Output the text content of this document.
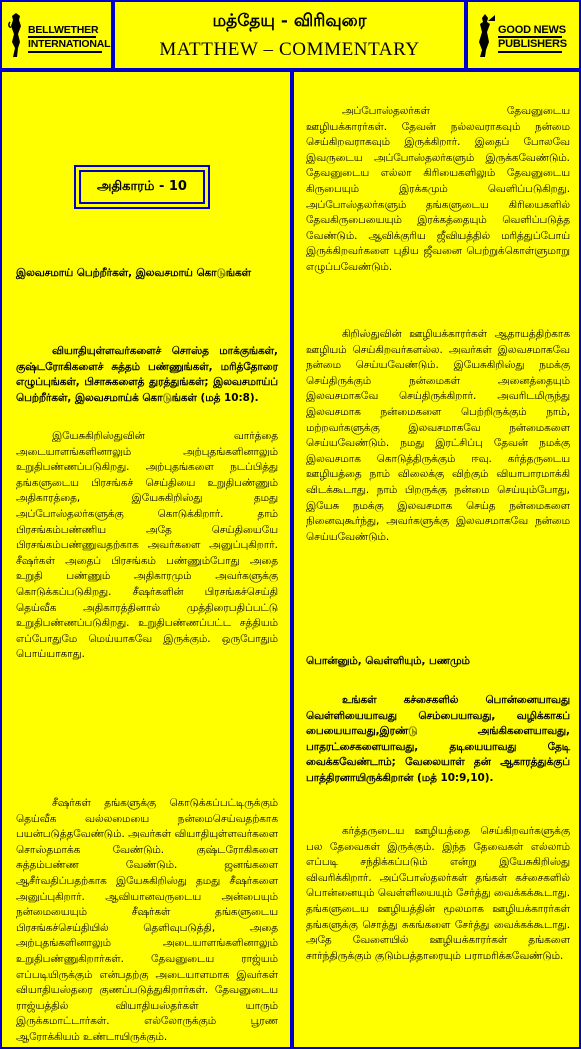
BELLWETHER
INTERNATIONAL
மத்தேயு - விரிவுரை
MATTHEW – COMMENTARY
GOOD NEWS
PUBLISHERS
அதிகாரம் - 10
இலவசமாய் பெற்றீர்கள், இலவசமாய் கொடுங்கள்
வியாதியுள்ளவர்களைச் சொஸ்த மாக்குங்கள், குஷ்டரோகிகளைச் சுத்தம் பண்ணுங்கள், மரித்தோரை எழுப்புங்கள், பிசாசுகளைத் துரத்துங்கள்; இலவசமாய்ப் பெற்றீர்கள், இலவசமாய்க் கொடுங்கள் (மத் 10:8).
இயேசுகிறிஸ்துவின் வார்த்தை அடையாளங்களினாலும் அற்புதங்களினாலும் உறுதிபண்ணப்படுகிறது. அற்புதங்களை நடப்பித்து தங்களுடைய பிரசங்கச் செய்தியை உறுதிபண்ணும் அதிகாரத்தை, இயேசுகிறிஸ்து தமது அப்போஸ்தலர்களுக்கு கொடுக்கிறார். தாம் பிரசங்கம்பண்ணிய அதே செய்தியையே பிரசங்கம்பண்ணுவதற்காக அவர்களை அனுப்புகிறார். சீஷர்கள் அதைப் பிரசங்கம் பண்ணும்போது அதை உறுதி பண்ணும் அதிகாரமும் அவர்களுக்கு கொடுக்கப்படுகிறது. சீஷர்களின் பிரசங்கச்செய்தி தெய்வீக அதிகாரத்தினால் முத்திரைபதிப்பட்டு உறுதிபண்ணப்படுகிறது. உறுதிபண்ணப்பட்ட சத்தியம் எப்போதுமே மெய்யாகவே இருக்கும். ஒருபோதும் பொய்யாகாது.
சீஷர்கள் தங்களுக்கு கொடுக்கப்பட்டிருக்கும் தெய்வீக வல்லமையை நன்மைசெய்வதற்காக பயன்படுத்தவேண்டும். அவர்கள் வியாதியுள்ளவர்களை சொஸ்தமாக்க வேண்டும். குஷ்டரோகிகளை சுத்தம்பண்ண வேண்டும். ஜனங்களை ஆசீர்வதிப்பதற்காக இயேசுகிறிஸ்து தமது சீஷர்களை அனுப்புகிறார். ஆவியானவருடைய அன்பையும் நன்மையையும் சீஷர்கள் தங்களுடைய பிரசங்கச்செய்தியில் தெளிவுபடுத்தி, அதை அற்புதங்களினாலும் அடையாளங்களினாலும் உறுதிபண்ணுகிறார்கள். தேவனுடைய ராஜ்யம் எப்படியிருக்கும் என்பதற்கு அடையாளமாக இவர்கள் வியாதியஸ்தரை குணப்படுத்துகிறார்கள். தேவனுடைய ராஜ்யத்தில் வியாதியஸ்தர்கள் யாரும் இருக்கமாட்டார்கள். எல்லோருக்கும் பூரண ஆரோக்கியம் உண்டாயிருக்கும்.
அப்போஸ்தலர்கள் தேவனுடைய ஊழியக்காரர்கள். தேவன் நல்லவராகவும் நன்மை செய்கிறவராகவும் இருக்கிறார். இதைப் போலவே இவருடைய அப்போஸ்தலர்களும் இருக்கவேண்டும். தேவனுடைய எல்லா கிரியைகளிலும் தேவனுடைய கிருபையும் இரக்கமும் வெளிப்படுகிறது. அப்போஸ்தலர்களும் தங்களுடைய கிரியைகளில் தேவகிருபையையும் இரக்கத்தையும் வெளிப்படுத்த வேண்டும். ஆவிக்குரிய ஜீவியத்தில் மரித்துப்போய் இருக்கிறவர்களை புதிய ஜீவனை பெற்றுக்கொள்ளுமாறு எழுப்பவேண்டும்.
கிறிஸ்துவின் ஊழியக்காரர்கள் ஆதாயத்திற்காக ஊழியம் செய்கிறவர்களல்ல. அவர்கள் இலவசமாகவே நன்மை செய்யவேண்டும். இயேசுகிறிஸ்து நமக்கு செய்திருக்கும் நன்மைகள் அனைத்தையும் இலவசமாகவே செய்திருக்கிறார். அவரிடமிருந்து இலவசமாக நன்மைகளை பெற்றிருக்கும் நாம், மற்றவர்களுக்கு இலவசமாகவே நன்மைகளை செய்யவேண்டும். நமது இரட்சிப்பு தேவன் நமக்கு இலவசமாக கொடுத்திருக்கும் ஈவு. கர்த்தருடைய ஊழியத்தை நாம் விலைக்கு விற்கும் வியாபாரமாக்கி விடக்கூடாது. நாம் பிறருக்கு நன்மை செய்யும்போது, இயேசு நமக்கு இலவசமாக செய்த நன்மைகளை நினைவுகூர்ந்து, அவர்களுக்கு இலவசமாகவே நன்மை செய்யவேண்டும்.
பொன்னும், வெள்ளியும், பணமும்
உங்கள் கச்சைகளில் பொன்னையாவது வெள்ளியையாவது செம்பையாவது, வழிக்காகப் பையையாவது,இரண்டு அங்கிகளையாவது, பாதரட்சைகளையாவது, தடியையாவது தேடி வைக்கவேண்டாம்; வேலையாள் தன் ஆகாரத்துக்குப் பாத்திரனாயிருக்கிறான் (மத் 10:9,10).
கர்த்தருடைய ஊழியத்தை செய்கிறவர்களுக்கு பல தேவைகள் இருக்கும். இந்த தேவைகள் எல்லாம் எப்படி சந்திக்கப்படும் என்று இயேசுகிறிஸ்து விவரிக்கிறார். அப்போஸ்தலர்கள் தங்கள் கச்சைகளில் பொன்னையும் வெள்ளியையும் சேர்த்து வைக்கக்கூடாது. தங்களுடைய ஊழியத்தின் மூலமாக ஊழியக்காரர்கள் தங்களுக்கு சொத்து சுகங்களை சேர்த்து வைக்கக்கூடாது. அதே வேளையில் ஊழியக்காரர்கள் தங்களை சார்ந்திருக்கும் குடும்பத்தாரையும் பராமரிக்கவேண்டும்.
